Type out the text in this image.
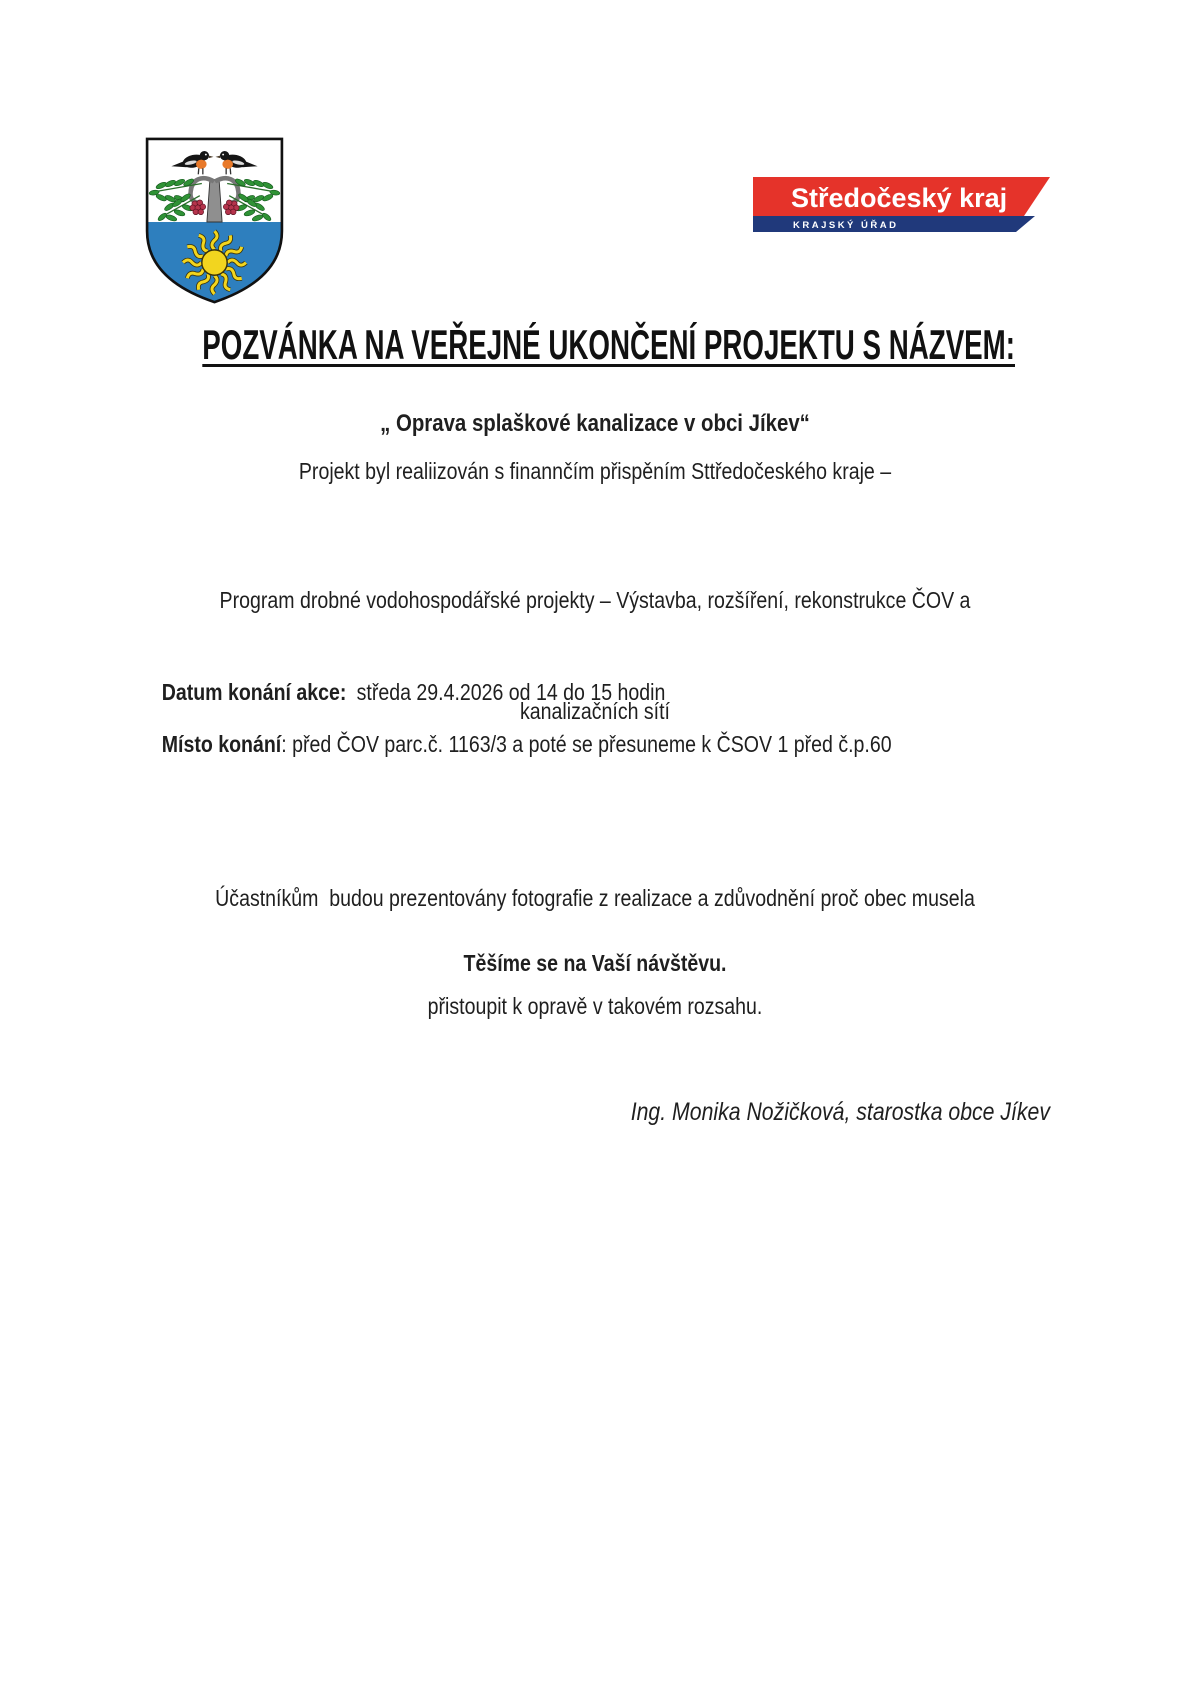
Středočeský kraj
KRAJSKÝ ÚŘAD
POZVÁNKA NA VEŘEJNÉ UKONČENÍ PROJEKTU S NÁZVEM:
„ Oprava splaškové kanalizace v obci Jíkev“
Projekt byl realiizován s finannčím přispěním Sttředočeského kraje –

Program drobné vodohospodářské projekty – Výstavba, rozšíření, rekonstrukce ČOV a

kanalizačních sítí

Datum konání akce: středa 29.4.2026 od 14 do 15 hodin

Místo konání: před ČOV parc.č. 1163/3 a poté se přesuneme k ČSOV 1 před č.p.60

Účastníkům  budou prezentovány fotografie z realizace a zdůvodnění proč obec musela

přistoupit k opravě v takovém rozsahu.

Těšíme se na Vaší návštěvu.
Ing. Monika Nožičková, starostka obce Jíkev
